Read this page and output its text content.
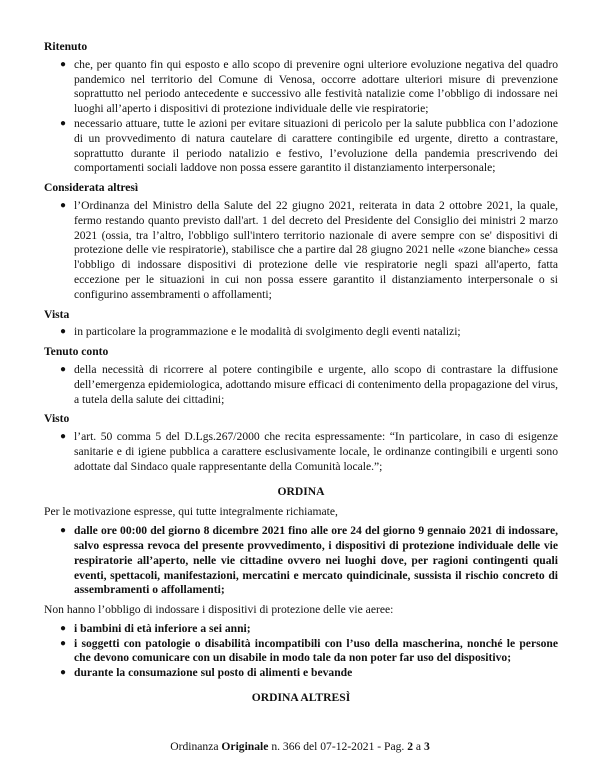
Ritenuto
● che, per quanto fin qui esposto e allo scopo di prevenire ogni ulteriore evoluzione negativa del quadro pandemico nel territorio del Comune di Venosa, occorre adottare ulteriori misure di prevenzione soprattutto nel periodo antecedente e successivo alle festività natalizie come l’obbligo di indossare nei luoghi all’aperto i dispositivi di protezione individuale delle vie respiratorie;
● necessario attuare, tutte le azioni per evitare situazioni di pericolo per la salute pubblica con l’adozione di un provvedimento di natura cautelare di carattere contingibile ed urgente, diretto a contrastare, soprattutto durante il periodo natalizio e festivo, l’evoluzione della pandemia prescrivendo dei comportamenti sociali laddove non possa essere garantito il distanziamento interpersonale;
Considerata altresì
● l’Ordinanza del Ministro della Salute del 22 giugno 2021, reiterata in data 2 ottobre 2021, la quale, fermo restando quanto previsto dall'art. 1 del decreto del Presidente del Consiglio dei ministri 2 marzo 2021 (ossia, tra l’altro, l'obbligo sull'intero territorio nazionale di avere sempre con se' dispositivi di protezione delle vie respiratorie), stabilisce che a partire dal 28 giugno 2021 nelle «zone bianche» cessa l'obbligo di indossare dispositivi di protezione delle vie respiratorie negli spazi all'aperto, fatta eccezione per le situazioni in cui non possa essere garantito il distanziamento interpersonale o si configurino assembramenti o affollamenti;
Vista
● in particolare la programmazione e le modalità di svolgimento degli eventi natalizi;
Tenuto conto
● della necessità di ricorrere al potere contingibile e urgente, allo scopo di contrastare la diffusione dell’emergenza epidemiologica, adottando misure efficaci di contenimento della propagazione del virus, a tutela della salute dei cittadini;
Visto
● l’art. 50 comma 5 del D.Lgs.267/2000 che recita espressamente: “In particolare, in caso di esigenze sanitarie e di igiene pubblica a carattere esclusivamente locale, le ordinanze contingibili e urgenti sono adottate dal Sindaco quale rappresentante della Comunità locale.”;
ORDINA
Per le motivazione espresse, qui tutte integralmente richiamate,
● dalle ore 00:00 del giorno 8 dicembre 2021 fino alle ore 24 del giorno 9 gennaio 2021 di indossare, salvo espressa revoca del presente provvedimento, i dispositivi di protezione individuale delle vie respiratorie all’aperto, nelle vie cittadine ovvero nei luoghi dove, per ragioni contingenti quali eventi, spettacoli, manifestazioni, mercatini e mercato quindicinale, sussista il rischio concreto di assembramenti o affollamenti;
Non hanno l’obbligo di indossare i dispositivi di protezione delle vie aeree:
● i bambini di età inferiore a sei anni;
● i soggetti con patologie o disabilità incompatibili con l’uso della mascherina, nonché le persone che devono comunicare con un disabile in modo tale da non poter far uso del dispositivo;
● durante la consumazione sul posto di alimenti e bevande
ORDINA ALTRESÌ
Ordinanza Originale n. 366 del 07-12-2021 - Pag. 2 a 3
